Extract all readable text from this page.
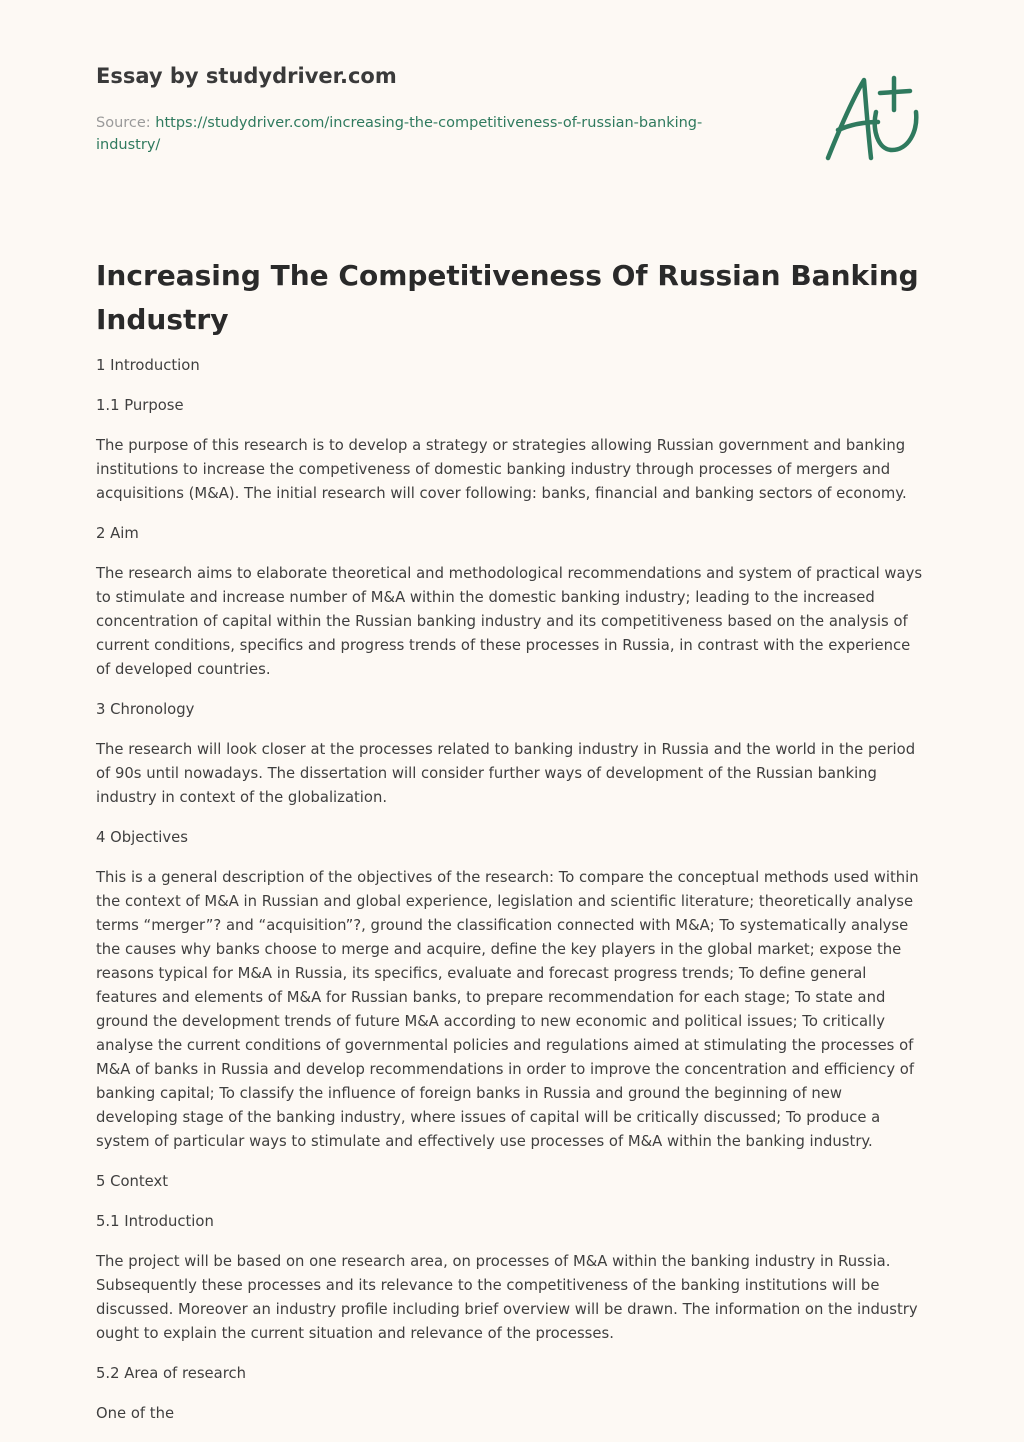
Essay by studydriver.com
Source: https://studydriver.com/increasing-the-competitiveness-of-russian-banking-industry/
Increasing The Competitiveness Of Russian Banking Industry

1 Introduction

1.1 Purpose

The purpose of this research is to develop a strategy or strategies allowing Russian government and banking institutions to increase the competiveness of domestic banking industry through processes of mergers and acquisitions (M&A). The initial research will cover following: banks, financial and banking sectors of economy.

2 Aim

The research aims to elaborate theoretical and methodological recommendations and system of practical ways to stimulate and increase number of M&A within the domestic banking industry; leading to the increased concentration of capital within the Russian banking industry and its competitiveness based on the analysis of current conditions, specifics and progress trends of these processes in Russia, in contrast with the experience of developed countries.

3 Chronology

The research will look closer at the processes related to banking industry in Russia and the world in the period of 90s until nowadays. The dissertation will consider further ways of development of the Russian banking industry in context of the globalization.

4 Objectives

This is a general description of the objectives of the research: To compare the conceptual methods used within the context of M&A in Russian and global experience, legislation and scientific literature; theoretically analyse terms “merger”? and “acquisition”?, ground the classification connected with M&A; To systematically analyse the causes why banks choose to merge and acquire, define the key players in the global market; expose the reasons typical for M&A in Russia, its specifics, evaluate and forecast progress trends; To define general features and elements of M&A for Russian banks, to prepare recommendation for each stage; To state and ground the development trends of future M&A according to new economic and political issues; To critically analyse the current conditions of governmental policies and regulations aimed at stimulating the processes of M&A of banks in Russia and develop recommendations in order to improve the concentration and efficiency of banking capital; To classify the influence of foreign banks in Russia and ground the beginning of new developing stage of the banking industry, where issues of capital will be critically discussed; To produce a system of particular ways to stimulate and effectively use processes of M&A within the banking industry.

5 Context

5.1 Introduction

The project will be based on one research area, on processes of M&A within the banking industry in Russia. Subsequently these processes and its relevance to the competitiveness of the banking institutions will be discussed. Moreover an industry profile including brief overview will be drawn. The information on the industry ought to explain the current situation and relevance of the processes.

5.2 Area of research

One of the
